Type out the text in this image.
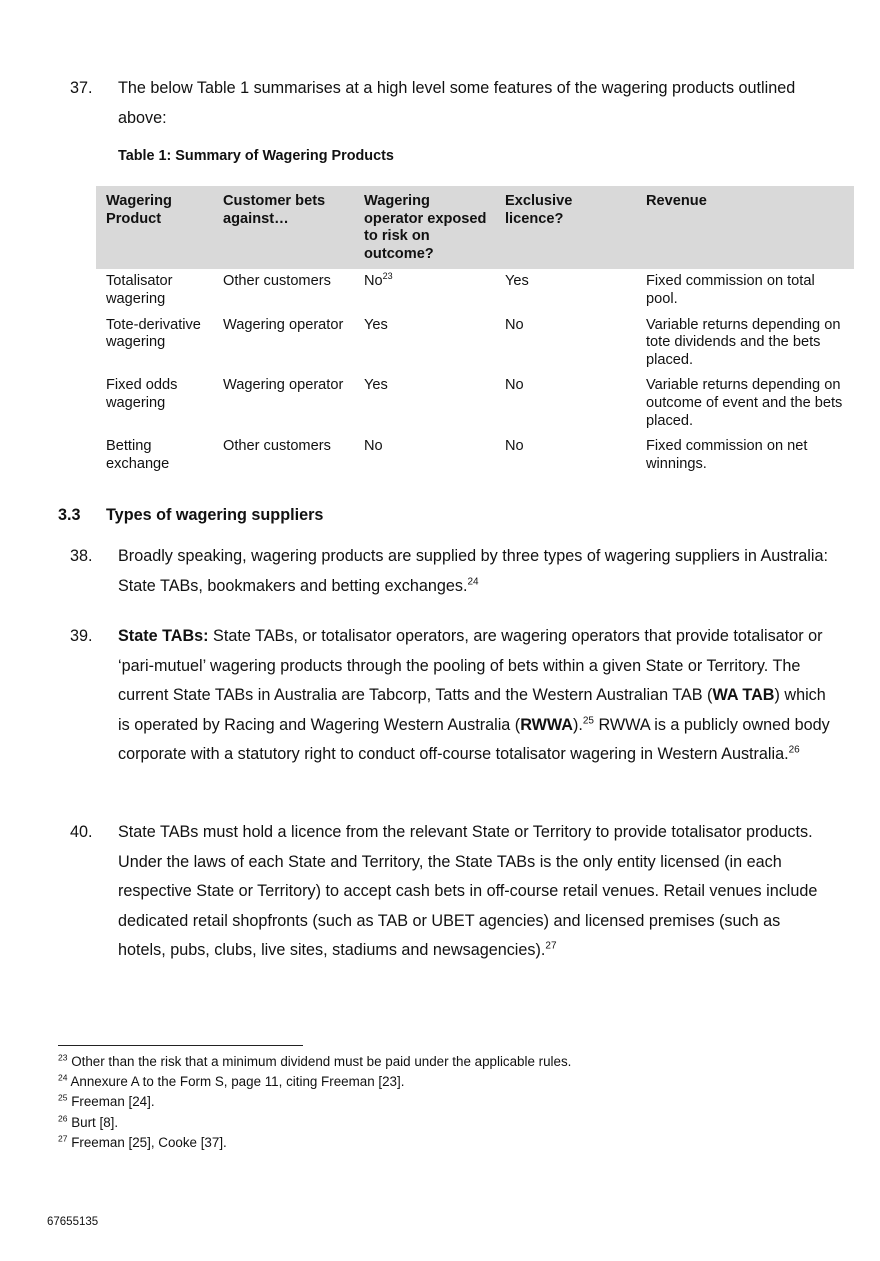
37.	The below Table 1 summarises at a high level some features of the wagering products outlined above:
Table 1: Summary of Wagering Products
Wagering Product	Customer bets against…	Wagering operator exposed to risk on outcome?	Exclusive licence?	Revenue
Totalisator wagering	Other customers	No$^{23}$	Yes	Fixed commission on total pool.
Tote-derivative wagering	Wagering operator	Yes	No	Variable returns depending on tote dividends and the bets placed.
Fixed odds wagering	Wagering operator	Yes	No	Variable returns depending on outcome of event and the bets placed.
Betting exchange	Other customers	No	No	Fixed commission on net winnings.
3.3 Types of wagering suppliers
38.	Broadly speaking, wagering products are supplied by three types of wagering suppliers in Australia: State TABs, bookmakers and betting exchanges.$^{24}$
39.	State TABs: State TABs, or totalisator operators, are wagering operators that provide totalisator or ‘pari-mutuel’ wagering products through the pooling of bets within a given State or Territory. The current State TABs in Australia are Tabcorp, Tatts and the Western Australian TAB (WA TAB) which is operated by Racing and Wagering Western Australia (RWWA).$^{25}$ RWWA is a publicly owned body corporate with a statutory right to conduct off-course totalisator wagering in Western Australia.$^{26}$
40.	State TABs must hold a licence from the relevant State or Territory to provide totalisator products. Under the laws of each State and Territory, the State TABs is the only entity licensed (in each respective State or Territory) to accept cash bets in off-course retail venues. Retail venues include dedicated retail shopfronts (such as TAB or UBET agencies) and licensed premises (such as hotels, pubs, clubs, live sites, stadiums and newsagencies).$^{27}$
$^{23}$ Other than the risk that a minimum dividend must be paid under the applicable rules.
$^{24}$ Annexure A to the Form S, page 11, citing Freeman [23].
$^{25}$ Freeman [24].
$^{26}$ Burt [8].
$^{27}$ Freeman [25], Cooke [37].
67655135
